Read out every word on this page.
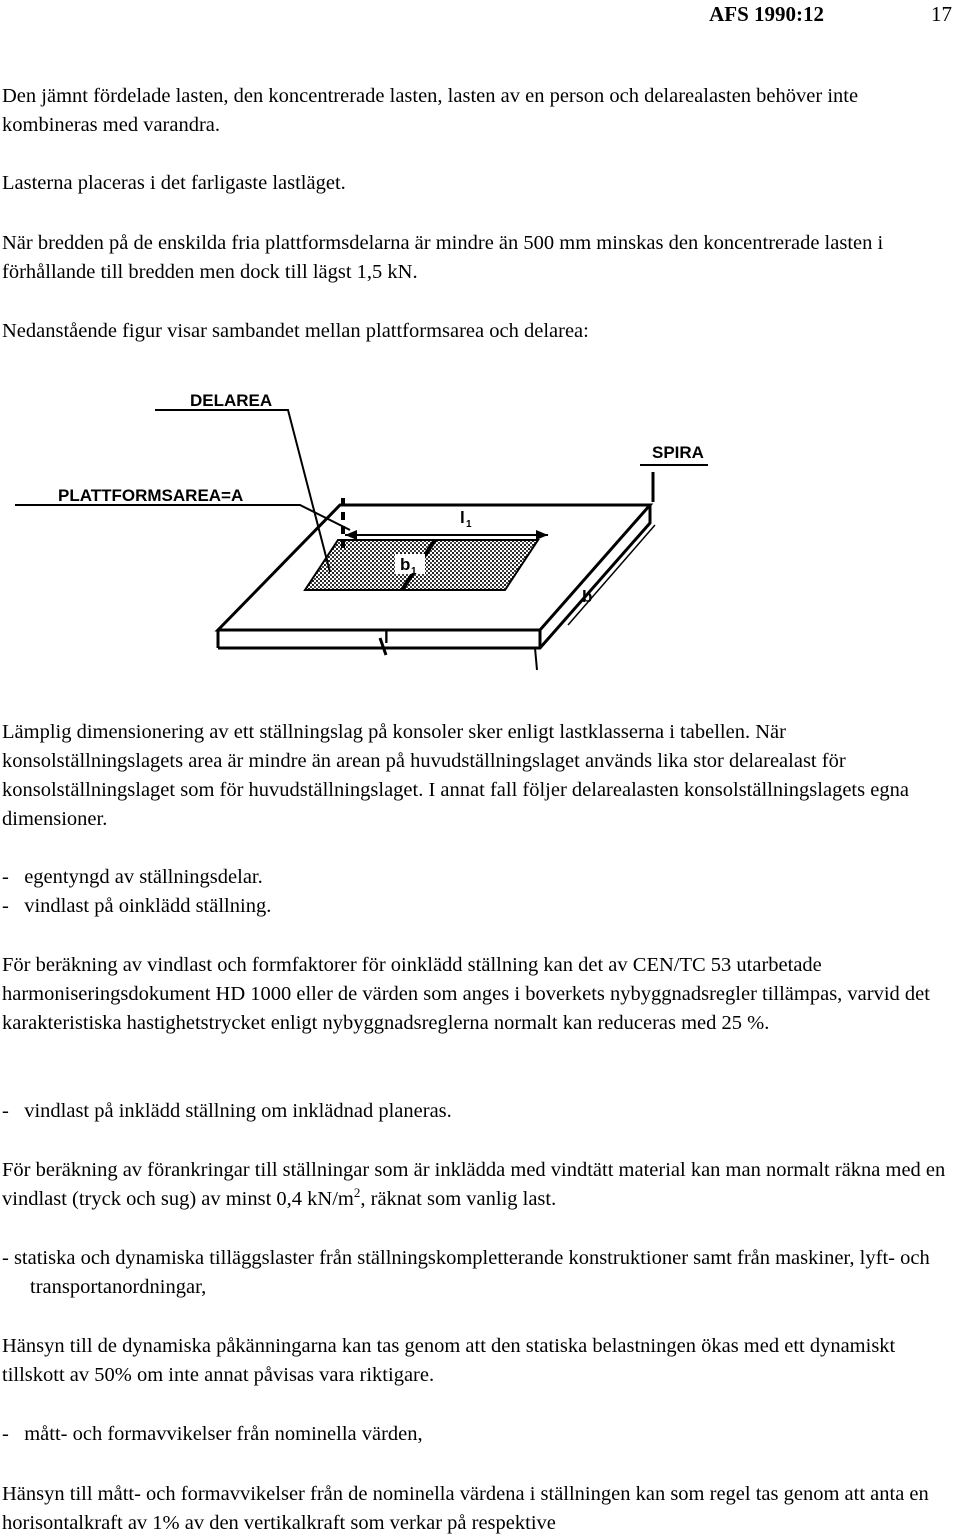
AFS 1990:12	17

Den jämnt fördelade lasten, den koncentrerade lasten, lasten av en person och delarealasten behöver inte kombineras med varandra.

Lasterna placeras i det farligaste lastläget.

När bredden på de enskilda fria plattformsdelarna är mindre än 500 mm minskas den koncentrerade lasten i förhållande till bredden men dock till lägst 1,5 kN.

Nedanstående figur visar sambandet mellan plattformsarea och delarea:

DELAREA
SPIRA
PLATTFORMSAREA=A
l 1
b 1
b
l

Lämplig dimensionering av ett ställningslag på konsoler sker enligt lastklasserna i tabellen. När konsolställningslagets area är mindre än arean på huvudställningslaget används lika stor delarealast för konsolställningslaget som för huvudställningslaget. I annat fall följer delarealasten konsolställningslagets egna dimensioner.

-   egentyngd av ställningsdelar.

-   vindlast på oinklädd ställning.

För beräkning av vindlast och formfaktorer för oinklädd ställning kan det av CEN/TC 53 utarbetade harmoniseringsdokument HD 1000 eller de värden som anges i boverkets nybyggnadsregler tillämpas, varvid det karakteristiska hastighetstrycket enligt nybyggnadsreglerna normalt kan reduceras med 25 %.

-   vindlast på inklädd ställning om inklädnad planeras.

För beräkning av förankringar till ställningar som är inklädda med vindtätt material kan man normalt räkna med en vindlast (tryck och sug) av minst 0,4 $kN/m^2$, räknat som vanlig last.

- statiska och dynamiska tilläggslaster från ställningskompletterande konstruktioner samt från maskiner, lyft- och transportanordningar,

Hänsyn till de dynamiska påkänningarna kan tas genom att den statiska belastningen ökas med ett dynamiskt tillskott av 50% om inte annat påvisas vara riktigare.

-   mått- och formavvikelser från nominella värden,

Hänsyn till mått- och formavvikelser från de nominella värdena i ställningen kan som regel tas genom att anta en horisontalkraft av 1% av den vertikalkraft som verkar på respektive
